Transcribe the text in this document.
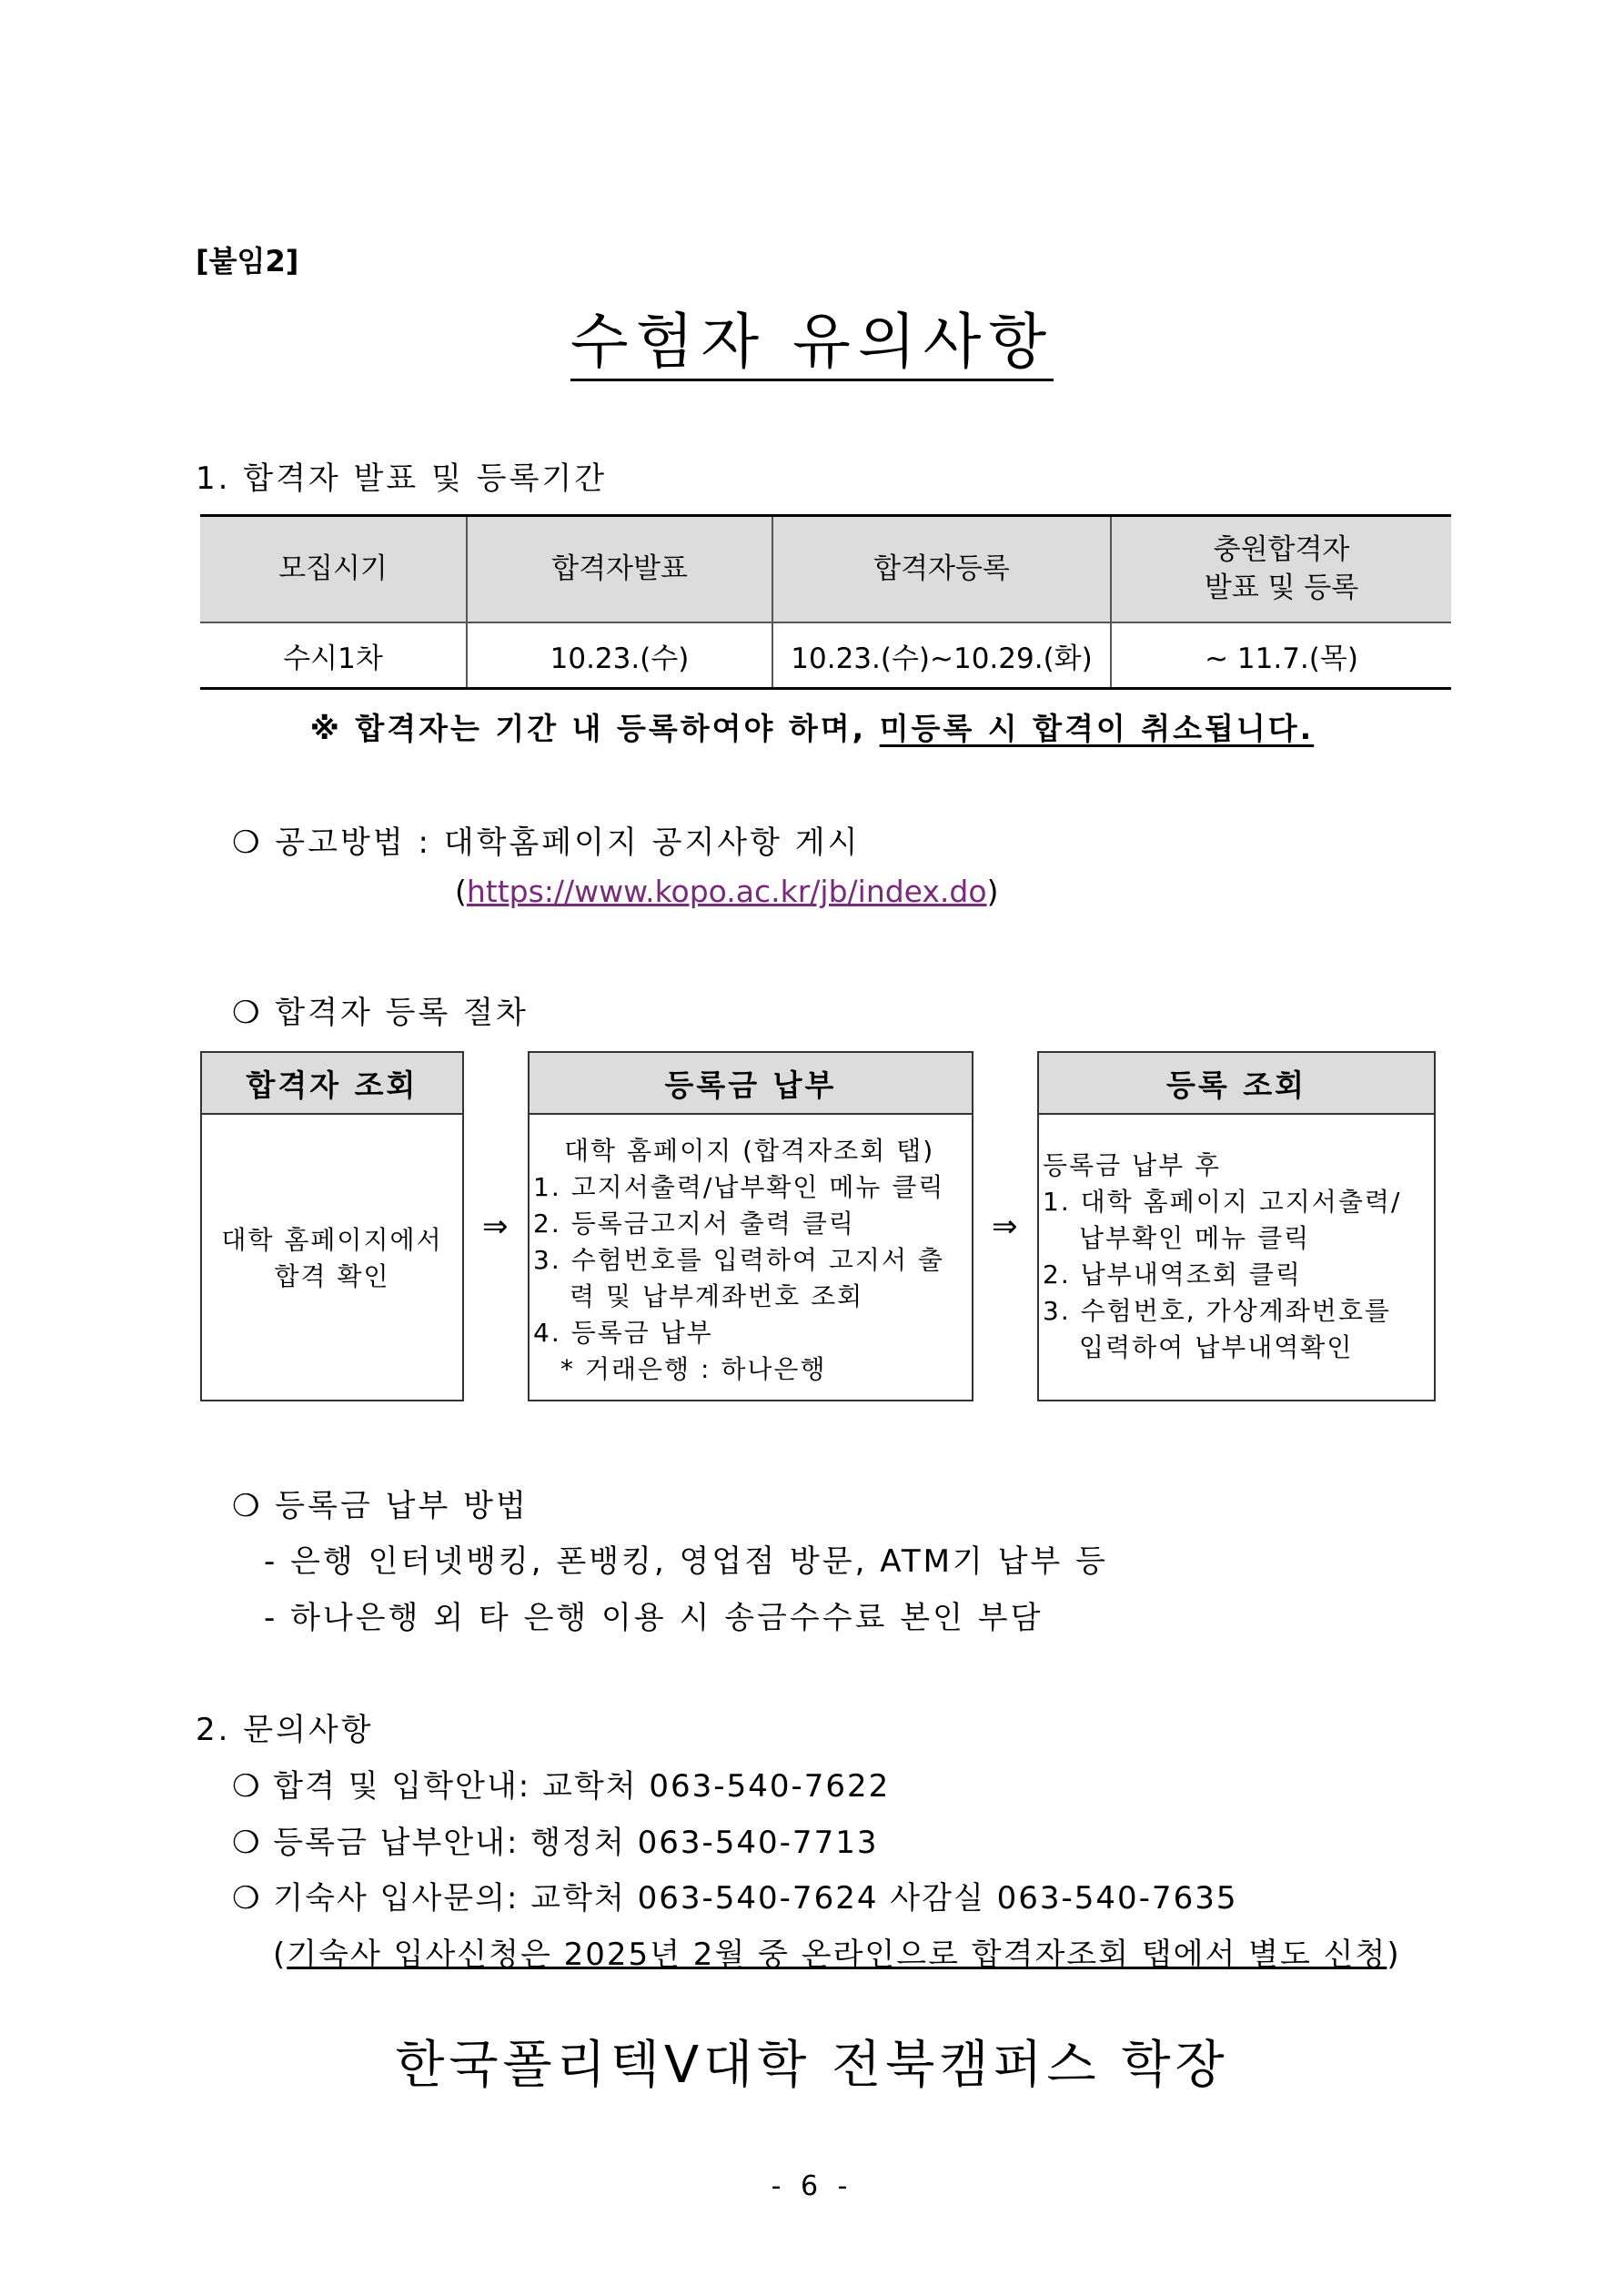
[붙임2]
수험자 유의사항
1. 합격자 발표 및 등록기간
모집시기	합격자발표	합격자등록	충원합격자
발표 및 등록
수시1차	10.23.(수)	10.23.(수)~10.29.(화)	~ 11.7.(목)
※ 합격자는 기간 내 등록하여야 하며, 미등록 시 합격이 취소됩니다.
❍ 공고방법 : 대학홈페이지 공지사항 게시
(https://www.kopo.ac.kr/jb/index.do)
❍ 합격자 등록 절차
합격자 조회
대학 홈페이지에서
합격 확인
⇒
등록금 납부
대학 홈페이지 (합격자조회 탭)
1. 고지서출력/납부확인 메뉴 클릭
2. 등록금고지서 출력 클릭
3. 수험번호를 입력하여 고지서 출
력 및 납부계좌번호 조회
4. 등록금 납부
* 거래은행 : 하나은행
⇒
등록 조회
등록금 납부 후
1. 대학 홈페이지 고지서출력/
납부확인 메뉴 클릭
2. 납부내역조회 클릭
3. 수험번호, 가상계좌번호를
입력하여 납부내역확인
❍ 등록금 납부 방법
- 은행 인터넷뱅킹, 폰뱅킹, 영업점 방문, ATM기 납부 등
- 하나은행 외 타 은행 이용 시 송금수수료 본인 부담
2. 문의사항
❍ 합격 및 입학안내: 교학처 063-540-7622
❍ 등록금 납부안내: 행정처 063-540-7713
❍ 기숙사 입사문의: 교학처 063-540-7624 사감실 063-540-7635
(기숙사 입사신청은 2025년 2월 중 온라인으로 합격자조회 탭에서 별도 신청)
한국폴리텍V대학 전북캠퍼스 학장
- 6 -
